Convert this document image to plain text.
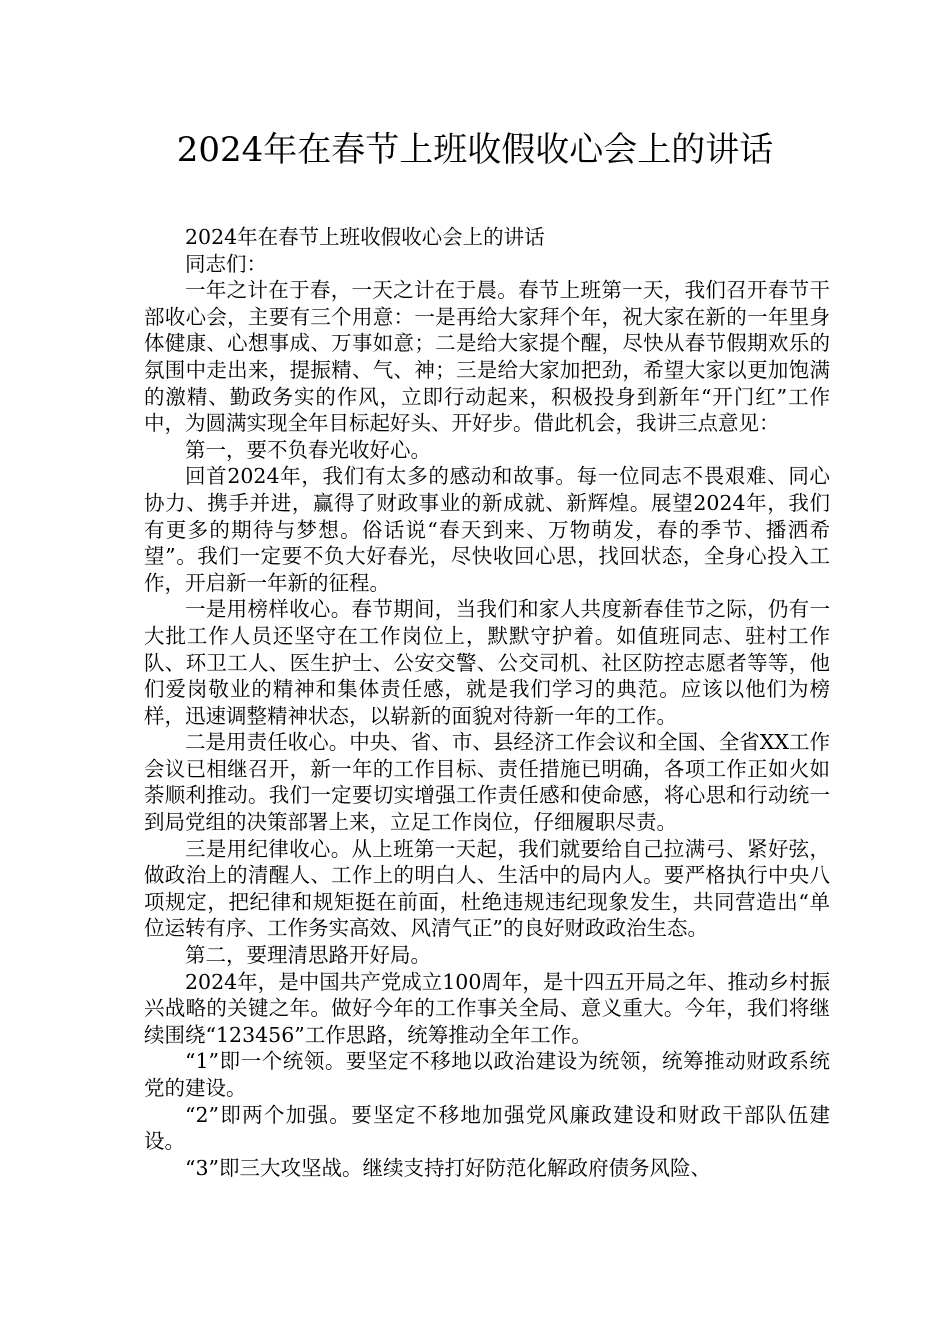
2024年在春节上班收假收心会上的讲话

2024年在春节上班收假收心会上的讲话

同志们：

一年之计在于春，一天之计在于晨。春节上班第一天，我们召开春节干部收心会，主要有三个用意：一是再给大家拜个年，祝大家在新的一年里身体健康、心想事成、万事如意；二是给大家提个醒，尽快从春节假期欢乐的氛围中走出来，提振精、气、神；三是给大家加把劲，希望大家以更加饱满的激精、勤政务实的作风，立即行动起来，积极投身到新年“开门红”工作中，为圆满实现全年目标起好头、开好步。借此机会，我讲三点意见：

第一，要不负春光收好心。

回首2024年，我们有太多的感动和故事。每一位同志不畏艰难、同心协力、携手并进，赢得了财政事业的新成就、新辉煌。展望2024年，我们有更多的期待与梦想。俗话说“春天到来、万物萌发，春的季节、播洒希望”。我们一定要不负大好春光，尽快收回心思，找回状态，全身心投入工作，开启新一年新的征程。

一是用榜样收心。春节期间，当我们和家人共度新春佳节之际，仍有一大批工作人员还坚守在工作岗位上，默默守护着。如值班同志、驻村工作队、环卫工人、医生护士、公安交警、公交司机、社区防控志愿者等等，他们爱岗敬业的精神和集体责任感，就是我们学习的典范。应该以他们为榜样，迅速调整精神状态，以崭新的面貌对待新一年的工作。

二是用责任收心。中央、省、市、县经济工作会议和全国、全省XX工作会议已相继召开，新一年的工作目标、责任措施已明确，各项工作正如火如荼顺利推动。我们一定要切实增强工作责任感和使命感，将心思和行动统一到局党组的决策部署上来，立足工作岗位，仔细履职尽责。

三是用纪律收心。从上班第一天起，我们就要给自己拉满弓、紧好弦，做政治上的清醒人、工作上的明白人、生活中的局内人。要严格执行中央八项规定，把纪律和规矩挺在前面，杜绝违规违纪现象发生，共同营造出“单位运转有序、工作务实高效、风清气正”的良好财政政治生态。

第二，要理清思路开好局。

2024年，是中国共产党成立100周年，是十四五开局之年、推动乡村振兴战略的关键之年。做好今年的工作事关全局、意义重大。今年，我们将继续围绕“123456”工作思路，统筹推动全年工作。

“1”即一个统领。要坚定不移地以政治建设为统领，统筹推动财政系统党的建设。

“2”即两个加强。要坚定不移地加强党风廉政建设和财政干部队伍建设。

“3”即三大攻坚战。继续支持打好防范化解政府债务风险、
